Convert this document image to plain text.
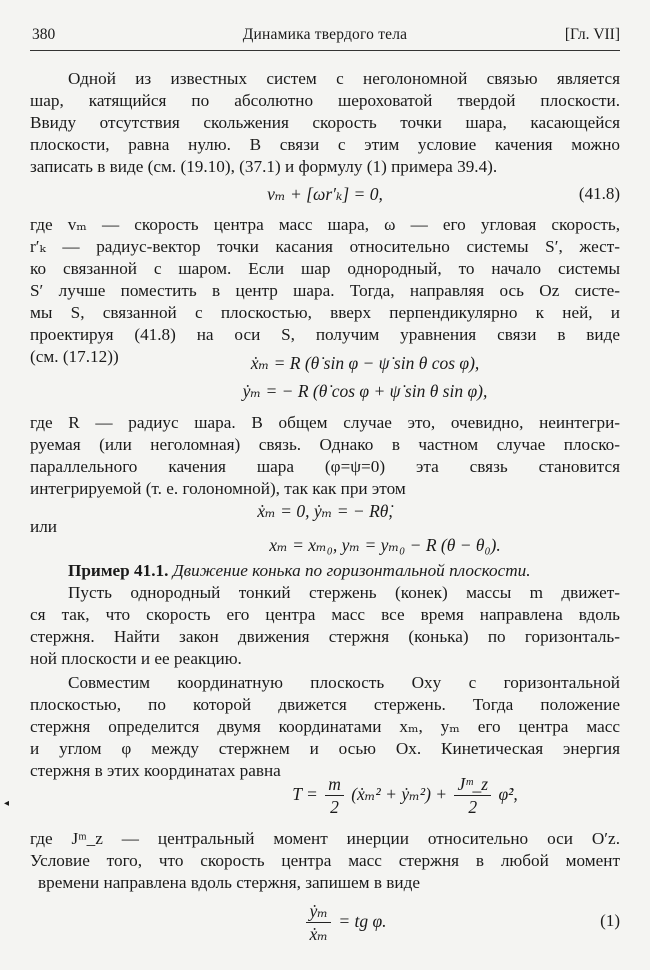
380	Динамика твердого тела	[Гл. VII]
Одной из известных систем с неголономной связью является
шар, катящийся по абсолютно шероховатой твердой плоскости.
Ввиду отсутствия скольжения скорость точки шара, касающейся
плоскости, равна нулю. В связи с этим условие качения можно
записать в виде (см. (19.10), (37.1) и формулу (1) примера 39.4).
vₘ + [ωr′ₖ] = 0,	(41.8)
где vₘ — скорость центра масс шара, ω — его угловая скорость,
r′ₖ — радиус-вектор точки касания относительно системы S′, жест-
ко связанной с шаром. Если шар однородный, то начало системы
S′ лучше поместить в центр шара. Тогда, направляя ось Oz систе-
мы S, связанной с плоскостью, вверх перпендикулярно к ней, и
проектируя (41.8) на оси S, получим уравнения связи в виде
(см. (17.12))	ẋₘ = R (θ̇ sin φ − ψ̇ sin θ cos φ),
ẏₘ = − R (θ̇ cos φ + ψ̇ sin θ sin φ),
где R — радиус шара. В общем случае это, очевидно, неинтегри-
руемая (или неголомная) связь. Однако в частном случае плоско-
параллельного качения шара (φ=ψ=0) эта связь становится
интегрируемой (т. е. голономной), так как при этом
ẋₘ = 0, ẏₘ = − Rθ̇,
или
xₘ = xₘ₀, yₘ = yₘ₀ − R (θ − θ₀).
Пример 41.1. Движение конька по горизонтальной плоскости.
Пусть однородный тонкий стержень (конек) массы m движет-
ся так, что скорость его центра масс все время направлена вдоль
стержня. Найти закон движения стержня (конька) по горизонталь-
ной плоскости и ее реакцию.
Совместим координатную плоскость Oxy с горизонтальной
плоскостью, по которой движется стержень. Тогда положение
стержня определится двумя координатами xₘ, yₘ его центра масс
и углом φ между стержнем и осью Ox. Кинетическая энергия
стержня в этих координатах равна
$T = \frac{m}{2}$ (ẋₘ² + ẏₘ²) + $\frac{\text{Jᵐ\_z}}{2}$ φ̇²,
◂
где Jᵐ_z — центральный момент инерции относительно оси O′z.
Условие того, что скорость центра масс стержня в любой момент
времени направлена вдоль стержня, запишем в виде
$\frac{\text{ẏₘ}}{\text{ẋₘ}}$ = tg φ.	(1)
